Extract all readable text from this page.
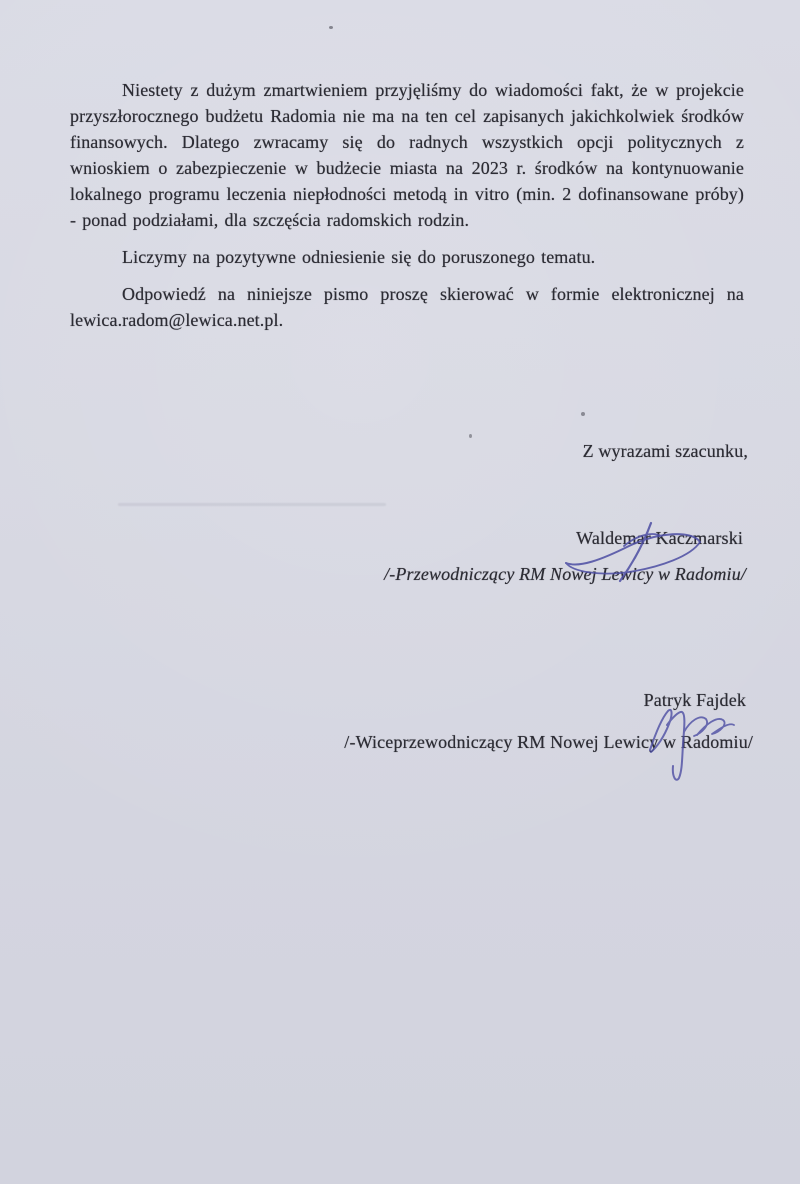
Niestety z dużym zmartwieniem przyjęliśmy do wiadomości fakt, że w projekcie przyszłorocznego budżetu Radomia nie ma na ten cel zapisanych jakichkolwiek środków finansowych. Dlatego zwracamy się do radnych wszystkich opcji politycznych z wnioskiem o zabezpieczenie w budżecie miasta na 2023 r. środków na kontynuowanie lokalnego programu leczenia niepłodności metodą in vitro (min. 2 dofinansowane próby) - ponad podziałami, dla szczęścia radomskich rodzin.

Liczymy na pozytywne odniesienie się do poruszonego tematu.

Odpowiedź na niniejsze pismo proszę skierować w formie elektronicznej na lewica.radom@lewica.net.pl.

Z wyrazami szacunku,
Waldemar Kaczmarski
/-Przewodniczący RM Nowej Lewicy w Radomiu/
Patryk Fajdek
/-Wiceprzewodniczący RM Nowej Lewicy w Radomiu/
